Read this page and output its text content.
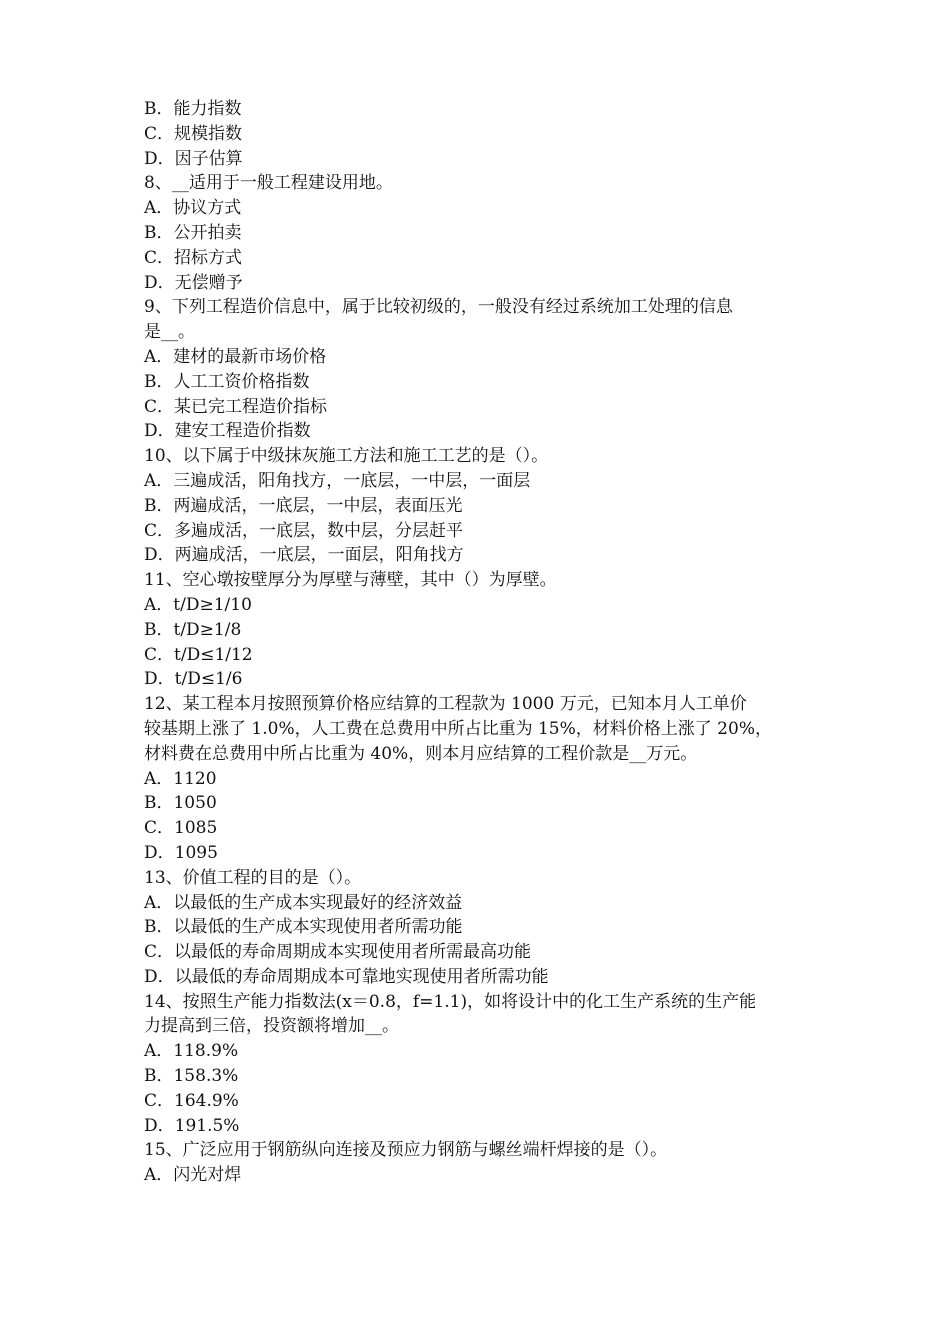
B．能力指数
C．规模指数
D．因子估算
8、__适用于一般工程建设用地。
A．协议方式
B．公开拍卖
C．招标方式
D．无偿赠予
9、下列工程造价信息中，属于比较初级的，一般没有经过系统加工处理的信息
是__。
A．建材的最新市场价格
B．人工工资价格指数
C．某已完工程造价指标
D．建安工程造价指数
10、以下属于中级抹灰施工方法和施工工艺的是（）。
A．三遍成活，阳角找方，一底层，一中层，一面层
B．两遍成活，一底层，一中层，表面压光
C．多遍成活，一底层，数中层，分层赶平
D．两遍成活，一底层，一面层，阳角找方
11、空心墩按壁厚分为厚壁与薄壁，其中（）为厚壁。
A．t/D≥1/10
B．t/D≥1/8
C．t/D≤1/12
D．t/D≤1/6
12、某工程本月按照预算价格应结算的工程款为 1000 万元，已知本月人工单价
较基期上涨了 1.0%，人工费在总费用中所占比重为 15%，材料价格上涨了 20%，
材料费在总费用中所占比重为 40%，则本月应结算的工程价款是__万元。
A．1120
B．1050
C．1085
D．1095
13、价值工程的目的是（）。
A．以最低的生产成本实现最好的经济效益
B．以最低的生产成本实现使用者所需功能
C．以最低的寿命周期成本实现使用者所需最高功能
D．以最低的寿命周期成本可靠地实现使用者所需功能
14、按照生产能力指数法(x＝0.8，f=1.1)，如将设计中的化工生产系统的生产能
力提高到三倍，投资额将增加__。
A．118.9%
B．158.3%
C．164.9%
D．191.5%
15、广泛应用于钢筋纵向连接及预应力钢筋与螺丝端杆焊接的是（）。
A．闪光对焊
